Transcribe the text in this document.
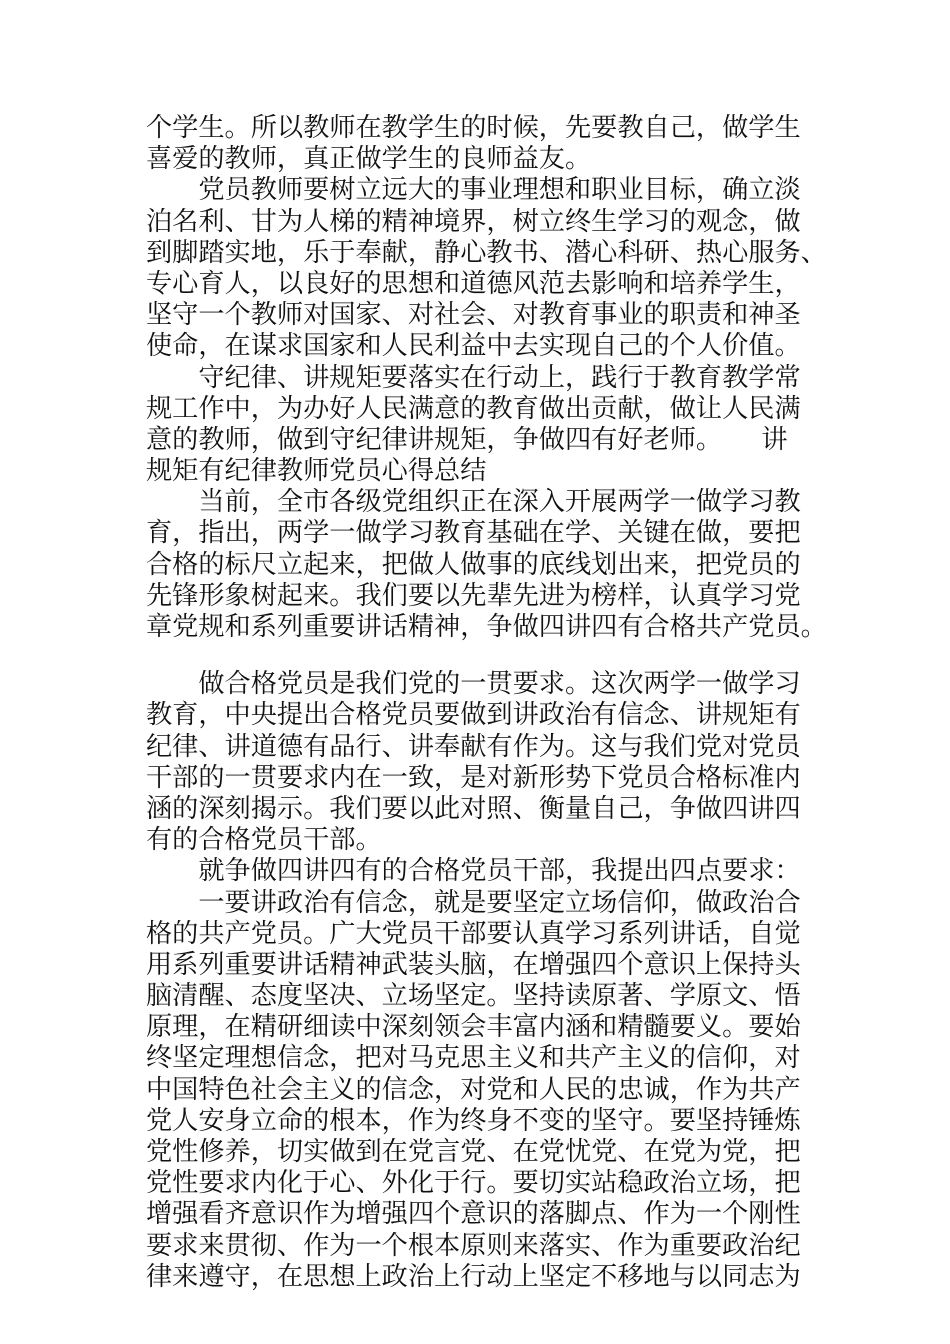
个学生。所以教师在教学生的时候，先要教自己，做学生
喜爱的教师，真正做学生的良师益友。
　　党员教师要树立远大的事业理想和职业目标，确立淡
泊名利、甘为人梯的精神境界，树立终生学习的观念，做
到脚踏实地，乐于奉献，静心教书、潜心科研、热心服务、
专心育人，以良好的思想和道德风范去影响和培养学生，
坚守一个教师对国家、对社会、对教育事业的职责和神圣
使命，在谋求国家和人民利益中去实现自己的个人价值。
　　守纪律、讲规矩要落实在行动上，践行于教育教学常
规工作中，为办好人民满意的教育做出贡献，做让人民满
意的教师，做到守纪律讲规矩，争做四有好老师。　　讲
规矩有纪律教师党员心得总结
　　当前，全市各级党组织正在深入开展两学一做学习教
育，指出，两学一做学习教育基础在学、关键在做，要把
合格的标尺立起来，把做人做事的底线划出来，把党员的
先锋形象树起来。我们要以先辈先进为榜样，认真学习党
章党规和系列重要讲话精神，争做四讲四有合格共产党员。
　　做合格党员是我们党的一贯要求。这次两学一做学习
教育，中央提出合格党员要做到讲政治有信念、讲规矩有
纪律、讲道德有品行、讲奉献有作为。这与我们党对党员
干部的一贯要求内在一致，是对新形势下党员合格标准内
涵的深刻揭示。我们要以此对照、衡量自己，争做四讲四
有的合格党员干部。
　　就争做四讲四有的合格党员干部，我提出四点要求：
　　一要讲政治有信念，就是要坚定立场信仰，做政治合
格的共产党员。广大党员干部要认真学习系列讲话，自觉
用系列重要讲话精神武装头脑，在增强四个意识上保持头
脑清醒、态度坚决、立场坚定。坚持读原著、学原文、悟
原理，在精研细读中深刻领会丰富内涵和精髓要义。要始
终坚定理想信念，把对马克思主义和共产主义的信仰，对
中国特色社会主义的信念，对党和人民的忠诚，作为共产
党人安身立命的根本，作为终身不变的坚守。要坚持锤炼
党性修养，切实做到在党言党、在党忧党、在党为党，把
党性要求内化于心、外化于行。要切实站稳政治立场，把
增强看齐意识作为增强四个意识的落脚点、作为一个刚性
要求来贯彻、作为一个根本原则来落实、作为重要政治纪
律来遵守，在思想上政治上行动上坚定不移地与以同志为
